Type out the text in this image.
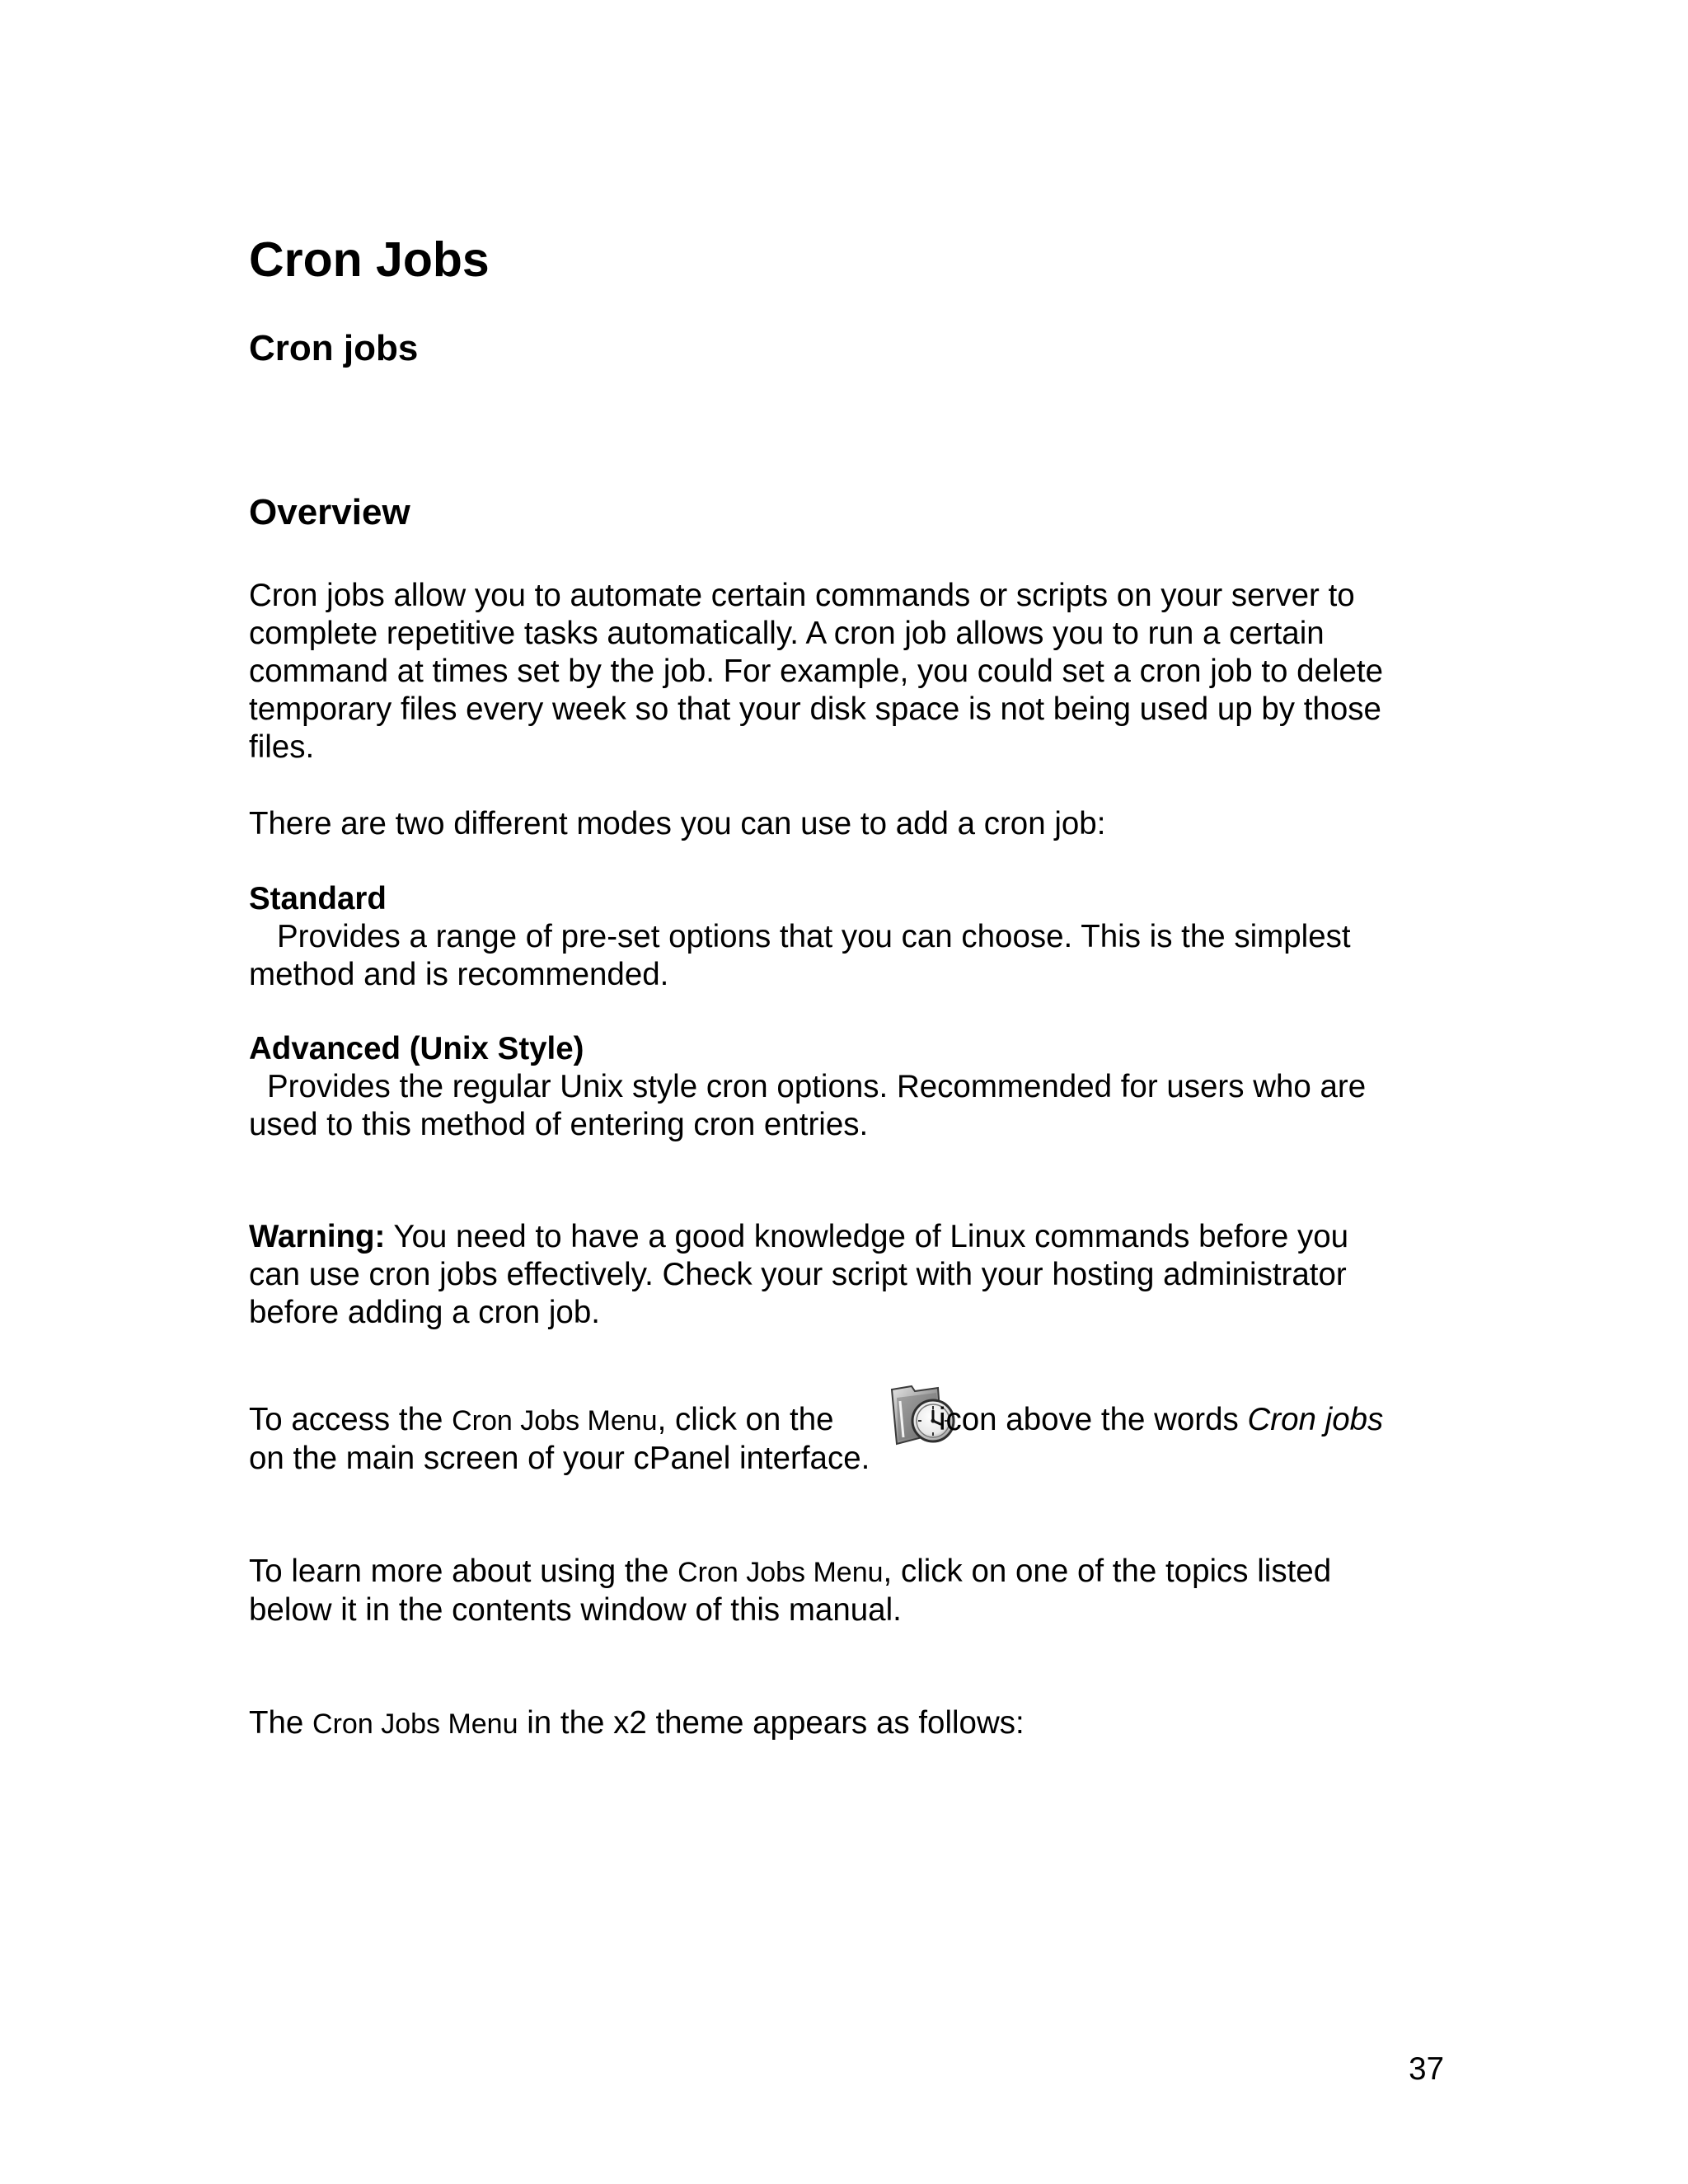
Cron Jobs
Cron jobs
Overview

Cron jobs allow you to automate certain commands or scripts on your server to
complete repetitive tasks automatically. A cron job allows you to run a certain
command at times set by the job. For example, you could set a cron job to delete
temporary files every week so that your disk space is not being used up by those
files.

There are two different modes you can use to add a cron job:

Standard

Provides a range of pre-set options that you can choose. This is the simplest
method and is recommended.

Advanced (Unix Style)

Provides the regular Unix style cron options. Recommended for users who are
used to this method of entering cron entries.

Warning: You need to have a good knowledge of Linux commands before you
can use cron jobs effectively. Check your script with your hosting administrator
before adding a cron job.

To access the Cron Jobs Menu, click on the	icon above the words Cron jobs
on the main screen of your cPanel interface.

To learn more about using the Cron Jobs Menu, click on one of the topics listed
below it in the contents window of this manual.

The Cron Jobs Menu in the x2 theme appears as follows:

37
